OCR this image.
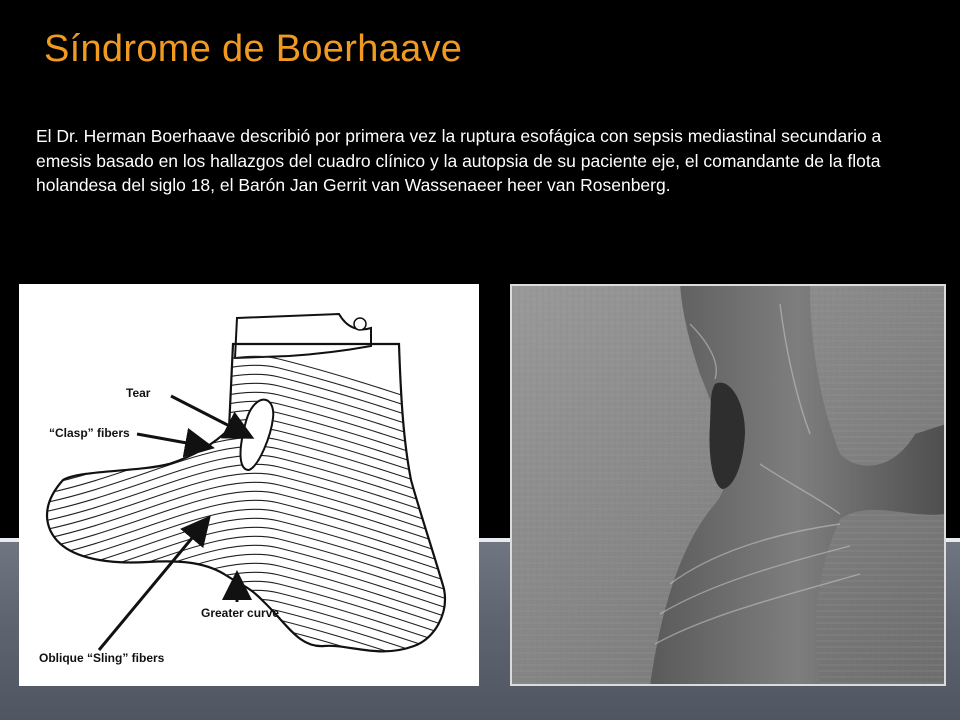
Síndrome de Boerhaave

El Dr. Herman Boerhaave describió por primera vez la ruptura esofágica con sepsis mediastinal secundario a emesis basado en los hallazgos del cuadro clínico y la autopsia de su paciente eje, el comandante de la flota holandesa del siglo 18, el Barón Jan Gerrit van Wassenaeer heer van Rosenberg.

Tear
“Clasp” fibers
Greater curve
Oblique “Sling” fibers
